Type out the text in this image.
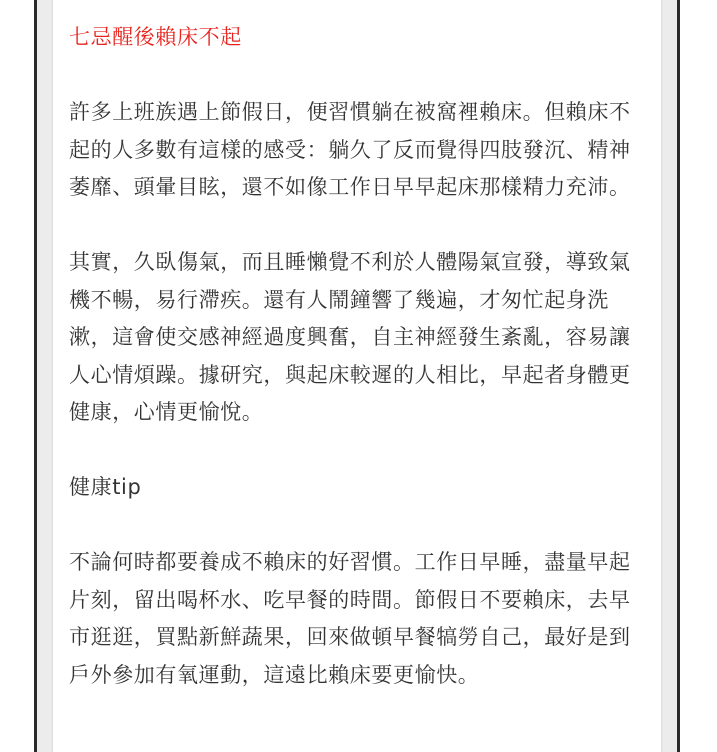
七忌醒後賴床不起

許多上班族遇上節假日，便習慣躺在被窩裡賴床。但賴床不起的人多數有這樣的感受：躺久了反而覺得四肢發沉、精神萎靡、頭暈目眩，還不如像工作日早早起床那樣精力充沛。

其實，久臥傷氣，而且睡懶覺不利於人體陽氣宣發，導致氣機不暢，易行滯疾。還有人鬧鐘響了幾遍，才匆忙起身洗漱，這會使交感神經過度興奮，自主神經發生紊亂，容易讓人心情煩躁。據研究，與起床較遲的人相比，早起者身體更健康，心情更愉悅。

健康tip

不論何時都要養成不賴床的好習慣。工作日早睡，盡量早起片刻，留出喝杯水、吃早餐的時間。節假日不要賴床，去早市逛逛，買點新鮮蔬果，回來做頓早餐犒勞自己，最好是到戶外參加有氧運動，這遠比賴床要更愉快。
